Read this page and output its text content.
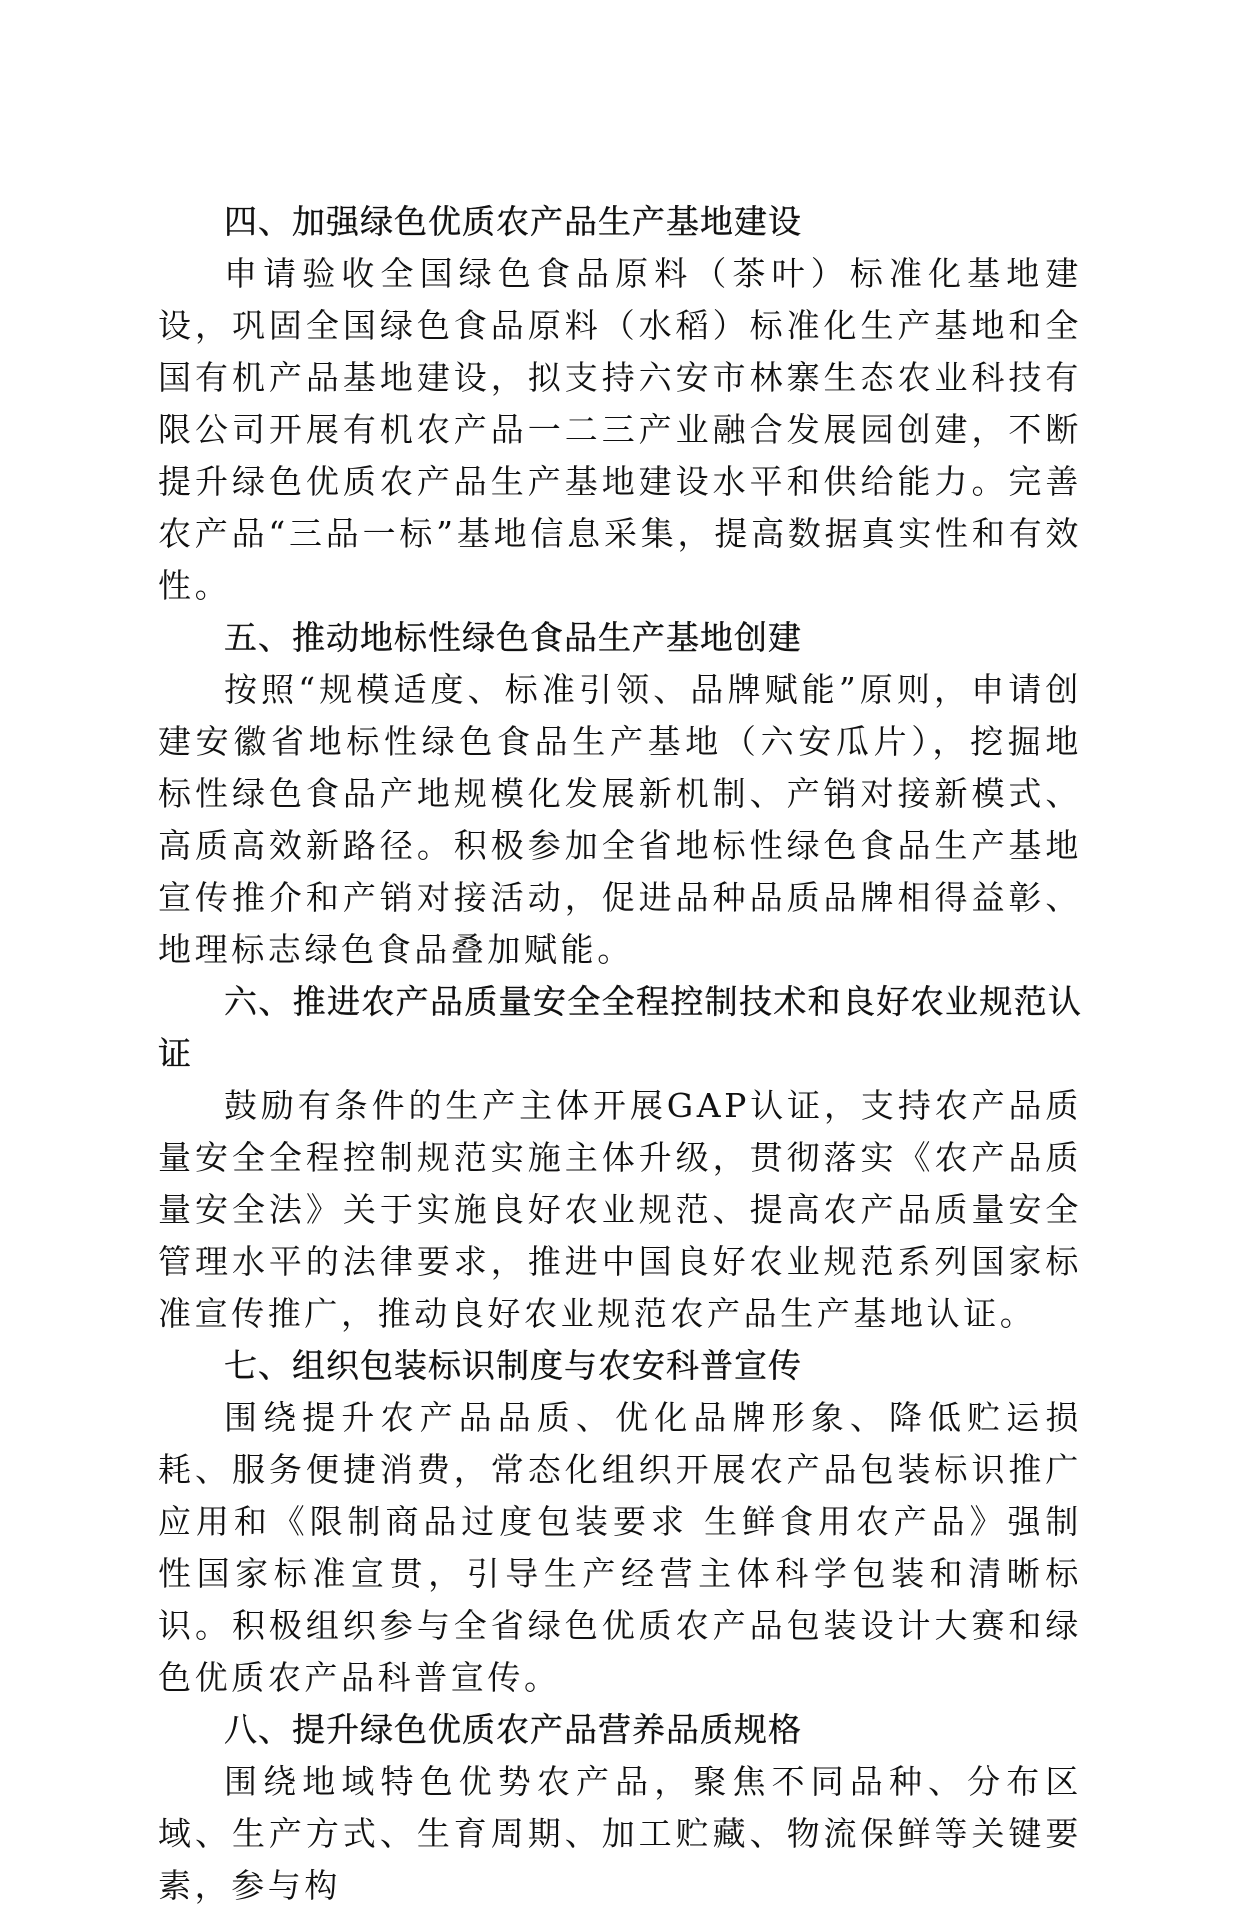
四、加强绿色优质农产品生产基地建设

申请验收全国绿色食品原料（茶叶）标准化基地建设，巩固全国绿色食品原料（水稻）标准化生产基地和全国有机产品基地建设，拟支持六安市林寨生态农业科技有限公司开展有机农产品一二三产业融合发展园创建，不断提升绿色优质农产品生产基地建设水平和供给能力。完善农产品“三品一标”基地信息采集，提高数据真实性和有效性。

五、推动地标性绿色食品生产基地创建

按照“规模适度、标准引领、品牌赋能”原则，申请创建安徽省地标性绿色食品生产基地（六安瓜片），挖掘地标性绿色食品产地规模化发展新机制、产销对接新模式、高质高效新路径。积极参加全省地标性绿色食品生产基地宣传推介和产销对接活动，促进品种品质品牌相得益彰、地理标志绿色食品叠加赋能。

六、推进农产品质量安全全程控制技术和良好农业规范认证

鼓励有条件的生产主体开展GAP认证，支持农产品质量安全全程控制规范实施主体升级，贯彻落实《农产品质量安全法》关于实施良好农业规范、提高农产品质量安全管理水平的法律要求，推进中国良好农业规范系列国家标准宣传推广，推动良好农业规范农产品生产基地认证。

七、组织包装标识制度与农安科普宣传

围绕提升农产品品质、优化品牌形象、降低贮运损耗、服务便捷消费，常态化组织开展农产品包装标识推广应用和《限制商品过度包装要求 生鲜食用农产品》强制性国家标准宣贯，引导生产经营主体科学包装和清晰标识。积极组织参与全省绿色优质农产品包装设计大赛和绿色优质农产品科普宣传。

八、提升绿色优质农产品营养品质规格

围绕地域特色优势农产品，聚焦不同品种、分布区域、生产方式、生育周期、加工贮藏、物流保鲜等关键要素，参与构
